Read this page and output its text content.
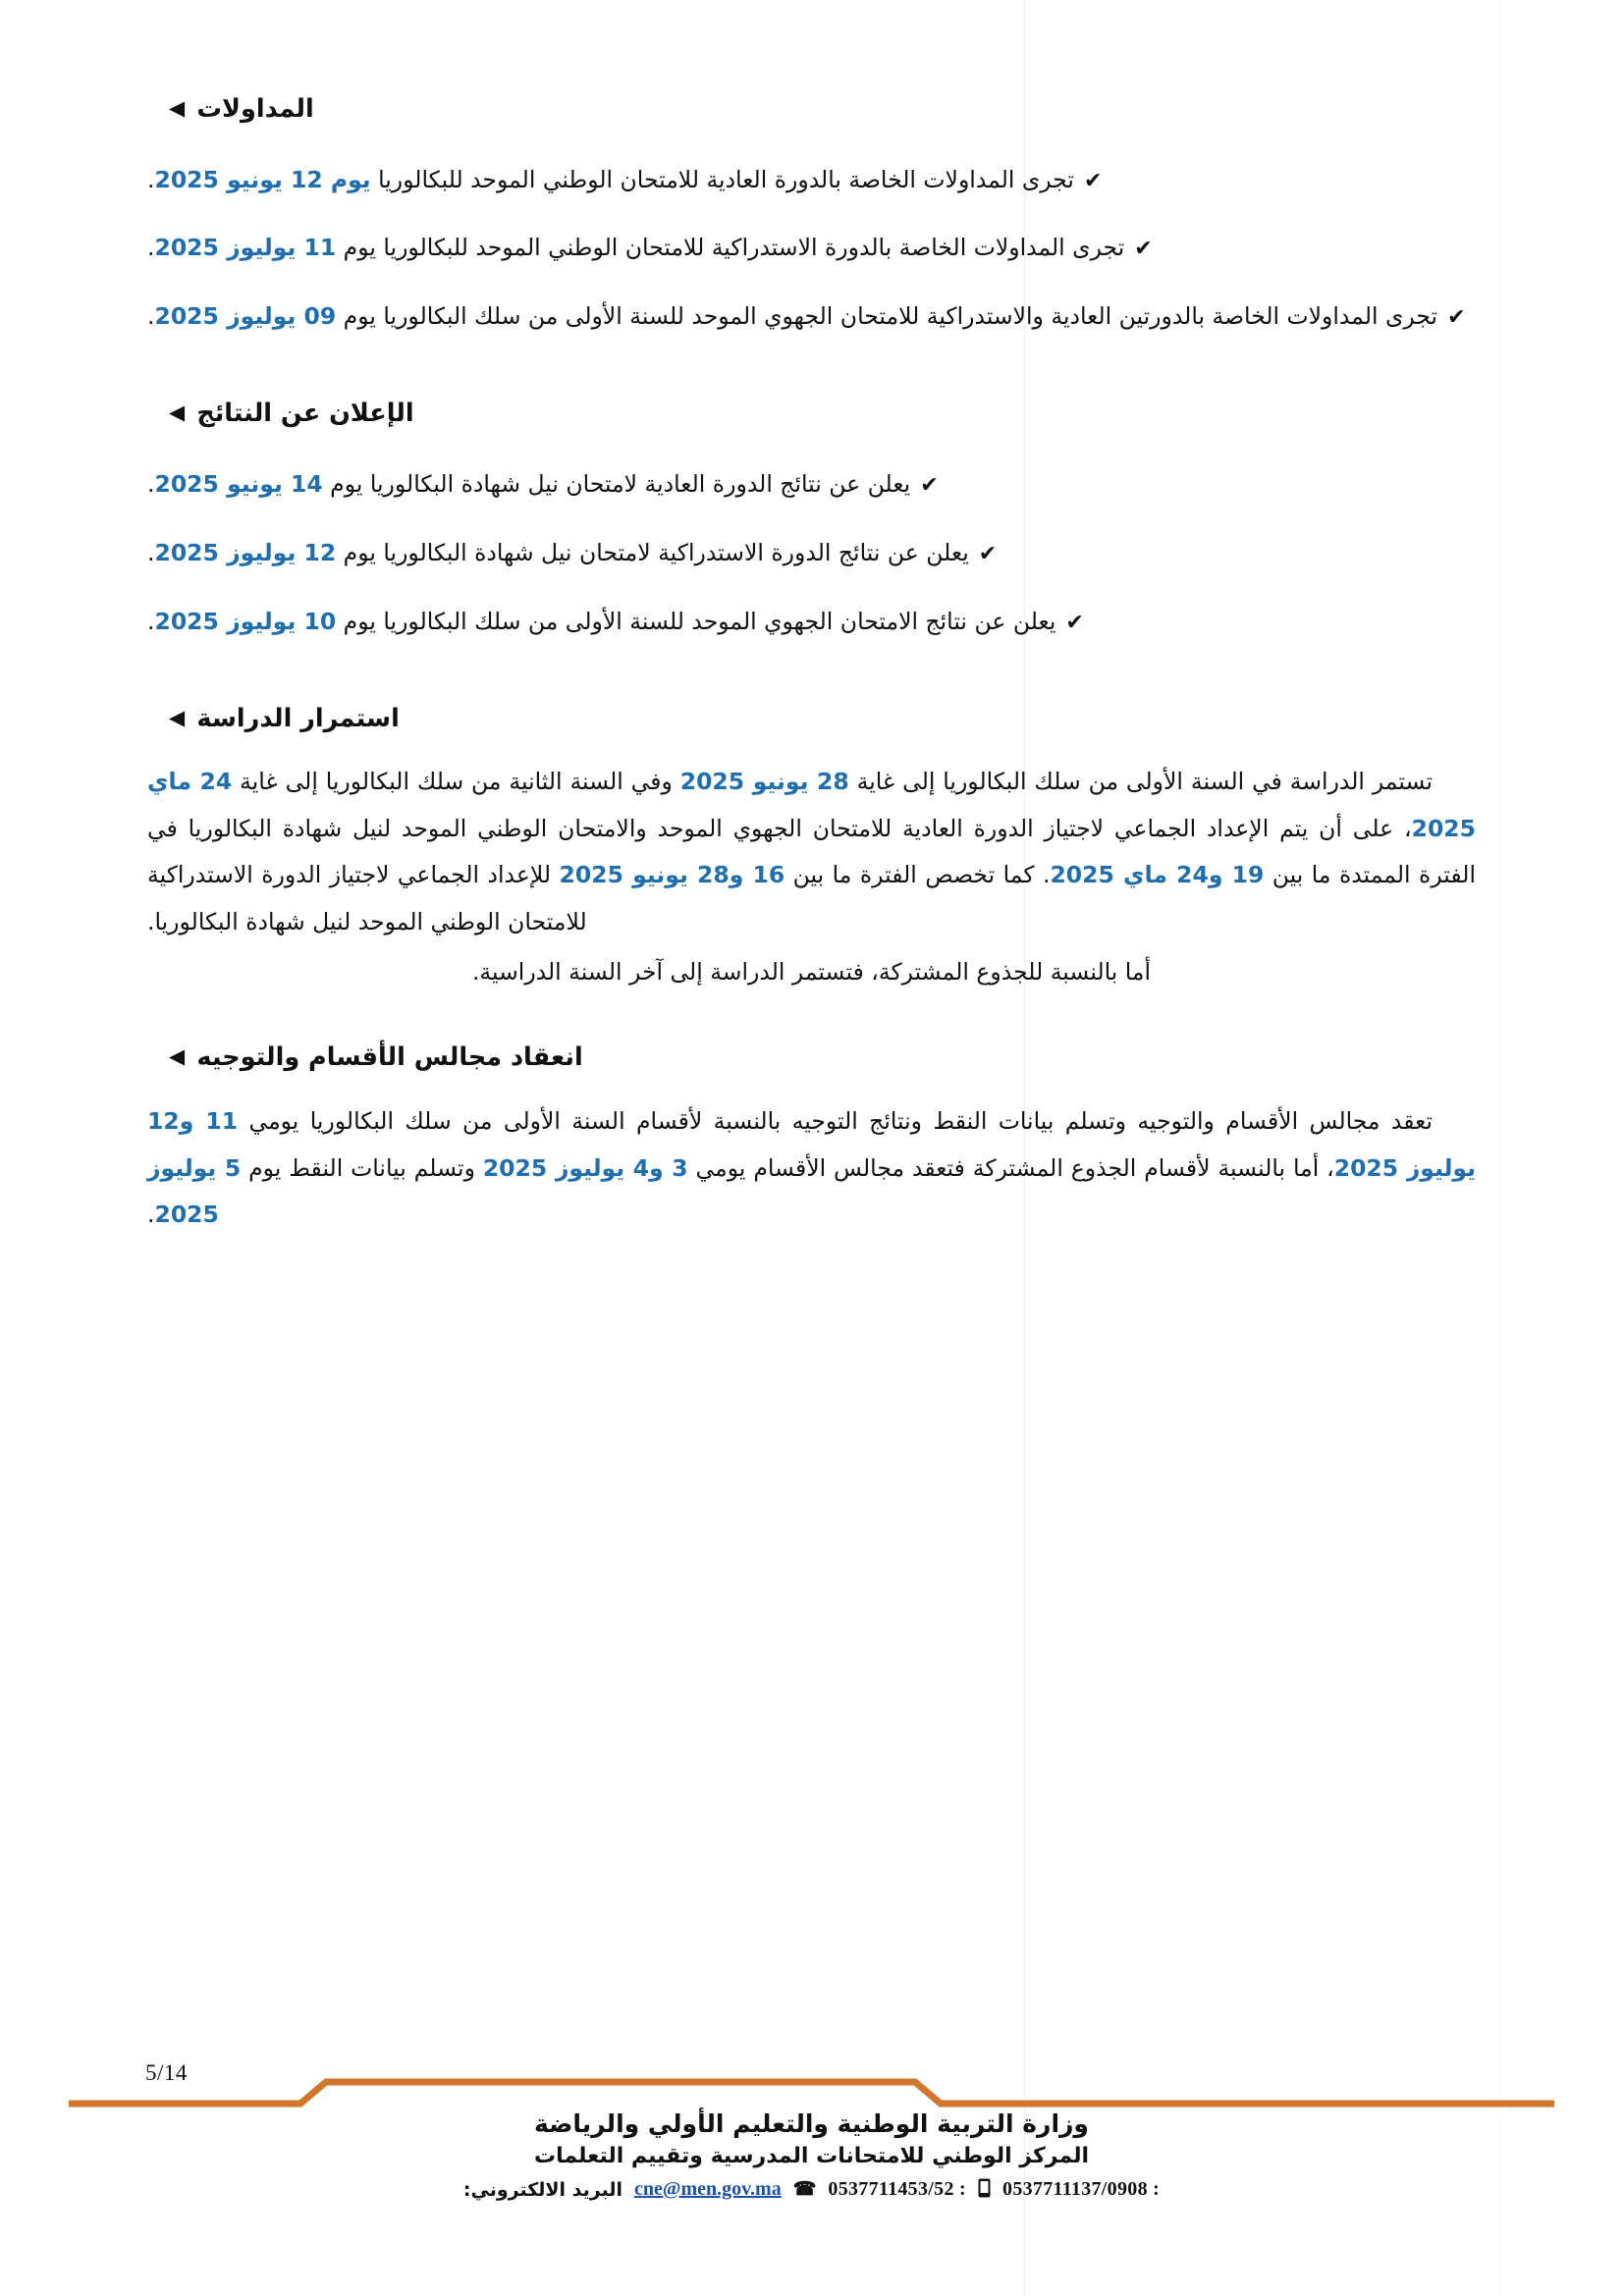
المداولات◀
✔تجرى المداولات الخاصة بالدورة العادية للامتحان الوطني الموحد للبكالوريا يوم 12 يونيو 2025.
✔تجرى المداولات الخاصة بالدورة الاستدراكية للامتحان الوطني الموحد للبكالوريا يوم 11 يوليوز 2025.
✔تجرى المداولات الخاصة بالدورتين العادية والاستدراكية للامتحان الجهوي الموحد للسنة الأولى من سلك البكالوريا يوم 09 يوليوز 2025.
الإعلان عن النتائج◀
✔يعلن عن نتائج الدورة العادية لامتحان نيل شهادة البكالوريا يوم 14 يونيو 2025.
✔يعلن عن نتائج الدورة الاستدراكية لامتحان نيل شهادة البكالوريا يوم 12 يوليوز 2025.
✔يعلن عن نتائج الامتحان الجهوي الموحد للسنة الأولى من سلك البكالوريا يوم 10 يوليوز 2025.
استمرار الدراسة◀

تستمر الدراسة في السنة الأولى من سلك البكالوريا إلى غاية 28 يونيو 2025 وفي السنة الثانية من سلك البكالوريا إلى غاية 24 ماي 2025، على أن يتم الإعداد الجماعي لاجتياز الدورة العادية للامتحان الجهوي الموحد والامتحان الوطني الموحد لنيل شهادة البكالوريا في الفترة الممتدة ما بين 19 و24 ماي 2025. كما تخصص الفترة ما بين 16 و28 يونيو 2025 للإعداد الجماعي لاجتياز الدورة الاستدراكية للامتحان الوطني الموحد لنيل شهادة البكالوريا.

أما بالنسبة للجذوع المشتركة، فتستمر الدراسة إلى آخر السنة الدراسية.

انعقاد مجالس الأقسام والتوجيه◀

تعقد مجالس الأقسام والتوجيه وتسلم بيانات النقط ونتائج التوجيه بالنسبة لأقسام السنة الأولى من سلك البكالوريا يومي 11 و12 يوليوز 2025، أما بالنسبة لأقسام الجذوع المشتركة فتعقد مجالس الأقسام يومي 3 و4 يوليوز 2025 وتسلم بيانات النقط يوم 5 يوليوز 2025.

5/14
وزارة التربية الوطنية والتعليم الأولي والرياضة
المركز الوطني للامتحانات المدرسية وتقييم التعلمات
0537711137/0908 :
0537711453/52 :
☎
cne@men.gov.ma
البريد الالكتروني:
